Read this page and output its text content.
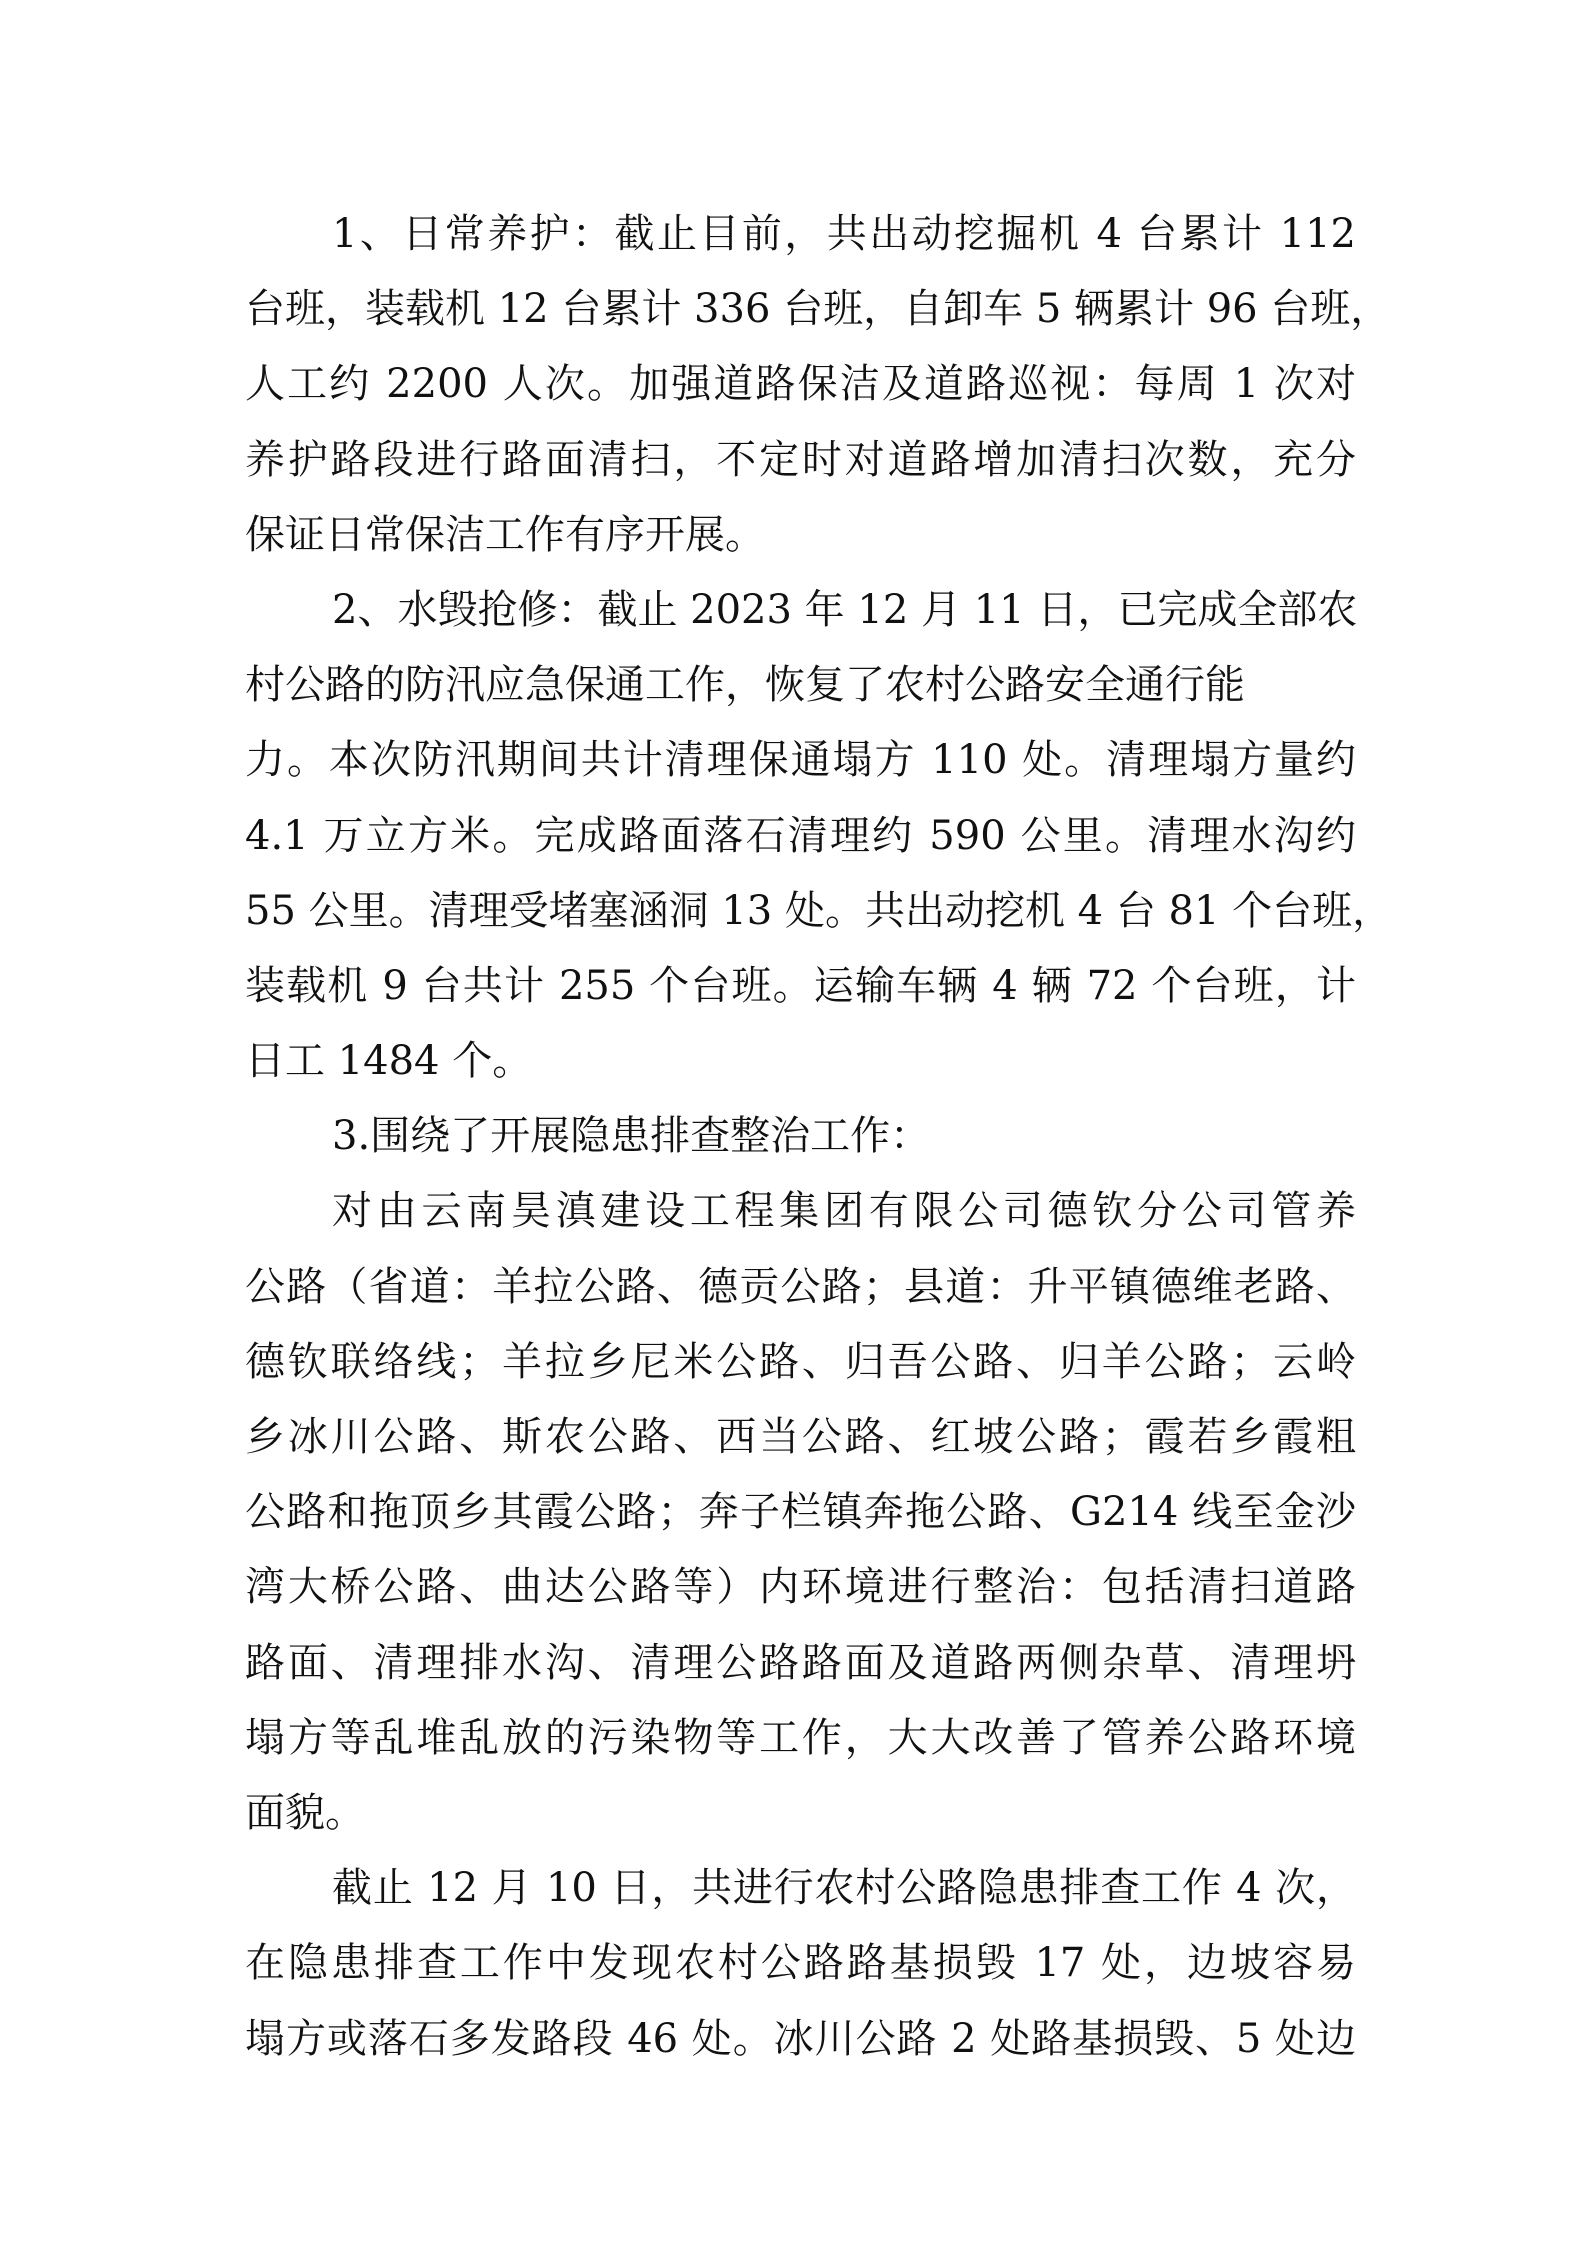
1、日常养护：截止目前，共出动挖掘机 4 台累计 112
台班，装载机 12 台累计 336 台班，自卸车 5 辆累计 96 台班，
人工约 2200 人次。加强道路保洁及道路巡视：每周 1 次对
养护路段进行路面清扫，不定时对道路增加清扫次数，充分
保证日常保洁工作有序开展。
2、水毁抢修：截止 2023 年 12 月 11 日，已完成全部农
村公路的防汛应急保通工作，恢复了农村公路安全通行能
力。本次防汛期间共计清理保通塌方 110 处。清理塌方量约
4.1 万立方米。完成路面落石清理约 590 公里。清理水沟约
55 公里。清理受堵塞涵洞 13 处。共出动挖机 4 台 81 个台班，
装载机 9 台共计 255 个台班。运输车辆 4 辆 72 个台班，计
日工 1484 个。
3.围绕了开展隐患排查整治工作：
对由云南昊滇建设工程集团有限公司德钦分公司管养
公路（省道：羊拉公路、德贡公路；县道：升平镇德维老路、
德钦联络线；羊拉乡尼米公路、归吾公路、归羊公路；云岭
乡冰川公路、斯农公路、西当公路、红坡公路；霞若乡霞粗
公路和拖顶乡其霞公路；奔子栏镇奔拖公路、G214 线至金沙
湾大桥公路、曲达公路等）内环境进行整治：包括清扫道路
路面、清理排水沟、清理公路路面及道路两侧杂草、清理坍
塌方等乱堆乱放的污染物等工作，大大改善了管养公路环境
面貌。
截止 12 月 10 日，共进行农村公路隐患排查工作 4 次，
在隐患排查工作中发现农村公路路基损毁 17 处，边坡容易
塌方或落石多发路段 46 处。冰川公路 2 处路基损毁、5 处边
